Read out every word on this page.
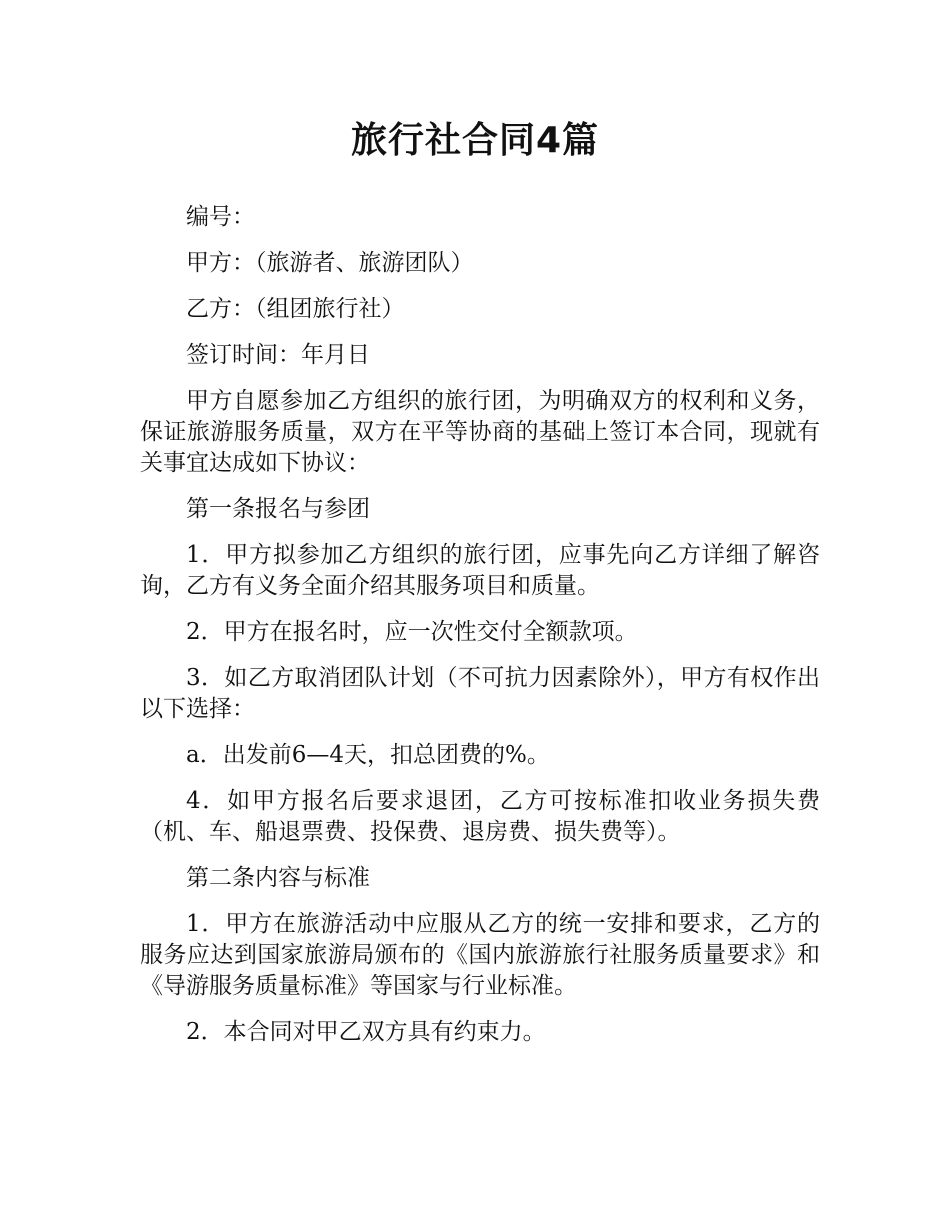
旅行社合同4篇

编号：

甲方：（旅游者、旅游团队）

乙方：（组团旅行社）

签订时间：年月日

甲方自愿参加乙方组织的旅行团，为明确双方的权利和义务，保证旅游服务质量，双方在平等协商的基础上签订本合同，现就有关事宜达成如下协议：

第一条报名与参团

1．甲方拟参加乙方组织的旅行团，应事先向乙方详细了解咨询，乙方有义务全面介绍其服务项目和质量。

2．甲方在报名时，应一次性交付全额款项。

3．如乙方取消团队计划（不可抗力因素除外），甲方有权作出以下选择：

a．出发前6—4天，扣总团费的%。

4．如甲方报名后要求退团，乙方可按标准扣收业务损失费（机、车、船退票费、投保费、退房费、损失费等）。

第二条内容与标准

1．甲方在旅游活动中应服从乙方的统一安排和要求，乙方的服务应达到国家旅游局颁布的《国内旅游旅行社服务质量要求》和《导游服务质量标准》等国家与行业标准。

2．本合同对甲乙双方具有约束力。
